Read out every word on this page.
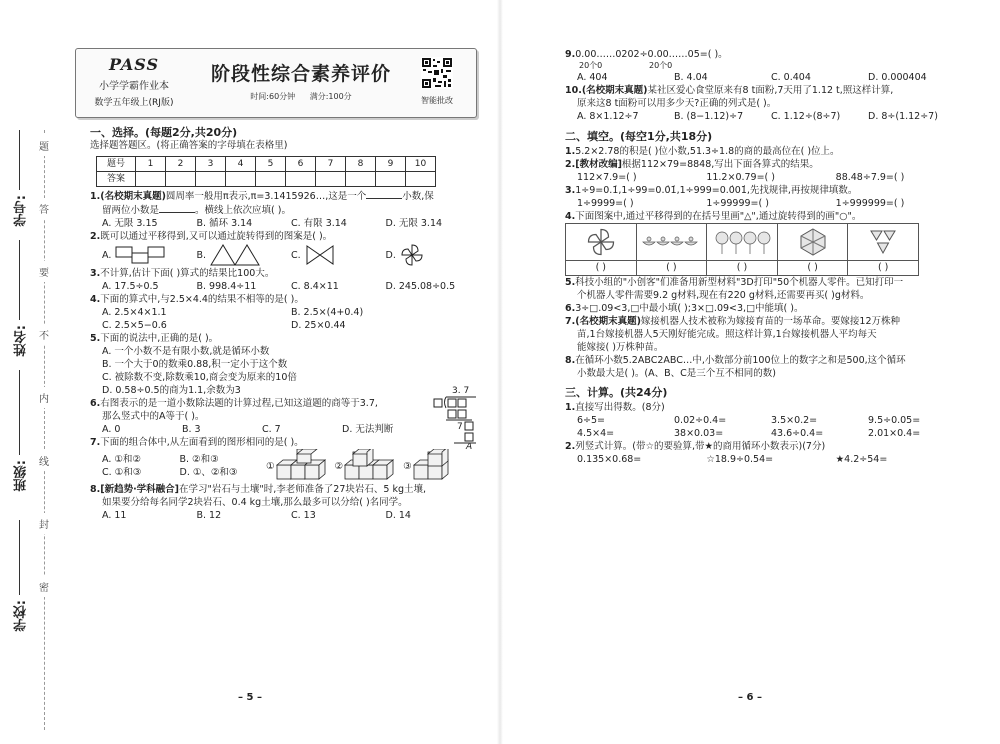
学校:
班级:
姓名:
学号:
题
答
要
不
内
线
封
密
PASS
小学学霸作业本
数学五年级上(RJ版)
阶段性综合素养评价
时间:60分钟 满分:100分	智能批改
一、选择。(每题2分,共20分)
选择题答题区。(将正确答案的字母填在表格里)
题号	1	2	3	4	5	6	7	8	9	10
答案										
1.(名校期末真题)圆周率一般用π表示,π=3.1415926…,这是一个	小数,保
留两位小数是	。横线上依次应填( )。
A. 无限 3.15	B. 循环 3.14	C. 有限 3.14	D. 无限 3.14
2.既可以通过平移得到,又可以通过旋转得到的图案是( )。
A.	B.	C.	D.
3.不计算,估计下面( )算式的结果比100大。
A. 17.5÷0.5	B. 998.4÷11	C. 8.4×11	D. 245.08÷0.5
4.下面的算式中,与2.5×4.4的结果不相等的是( )。
A. 2.5×4×1.1	B. 2.5×(4+0.4)
C. 2.5×5−0.6	D. 25×0.44
5.下面的说法中,正确的是( )。
A. 一个小数不是有限小数,就是循环小数
B. 一个大于0的数乘0.88,积一定小于这个数
C. 被除数不变,除数乘10,商会变为原来的10倍
D. 0.58÷0.5的商为1.1,余数为3
6.右图表示的是一道小数除法题的计算过程,已知这道题的商等于3.7,
那么竖式中的A等于( )。
A. 0	B. 3	C. 7	D. 无法判断
3. 7
7
A
7.下面的组合体中,从左面看到的图形相同的是( )。
A. ①和②	B. ②和③
C. ①和③	D. ①、②和③
①	②	③
8.[新趋势·学科融合]在学习"岩石与土壤"时,李老师准备了27块岩石、5 kg土壤,
如果要分给每名同学2块岩石、0.4 kg土壤,那么最多可以分给( )名同学。
A. 11	B. 12	C. 13	D. 14
– 5 –
9.0.00……0202÷0.00……05=( )。
20个0	20个0
A. 404	B. 4.04	C. 0.404	D. 0.000404
10.(名校期末真题)某社区爱心食堂原来有8 t面粉,7天用了1.12 t,照这样计算,
原来这8 t面粉可以用多少天?正确的列式是( )。
A. 8×1.12÷7	B. (8−1.12)÷7	C. 1.12÷(8÷7)	D. 8÷(1.12÷7)
二、填空。(每空1分,共18分)
1.5.2×2.78的积是( )位小数,51.3÷1.8的商的最高位在( )位上。
2.[教材改编]根据112×79=8848,写出下面各算式的结果。
112×7.9=( )	11.2×0.79=( )	88.48÷7.9=( )
3.1÷9=0.1̇,1÷99=0.0̇1̇,1÷999=0.0̇01̇,先找规律,再按规律填数。
1÷9999=( )	1÷99999=( )	1÷999999=( )
4.下面图案中,通过平移得到的在括号里画"△",通过旋转得到的画"○"。
( )	( )	( )	( )	( )
5.科技小组的"小创客"们准备用新型材料"3D打印"50个机器人零件。已知打印一
个机器人零件需要9.2 g材料,现在有220 g材料,还需要再买( )g材料。
6.3÷□.09<3,□中最小填( );3×□.09<3,□中能填( )。
7.(名校期末真题)嫁接机器人技术被称为嫁接育苗的一场革命。要嫁接12万株种
苗,1台嫁接机器人5天刚好能完成。照这样计算,1台嫁接机器人平均每天
能嫁接( )万株种苗。
8.在循环小数5.2ABC2ABC…中,小数部分前100位上的数字之和是500,这个循环
小数最大是( )。(A、B、C是三个互不相同的数)
三、计算。(共24分)
1.直接写出得数。(8分)
6÷5=	0.02÷0.4=	3.5×0.2=	9.5÷0.05=
4.5×4=	38×0.03=	43.6÷0.4=	2.01×0.4=
2.列竖式计算。(带☆的要验算,带★的商用循环小数表示)(7分)
0.135×0.68=	☆18.9÷0.54=	★4.2÷54=
– 6 –
